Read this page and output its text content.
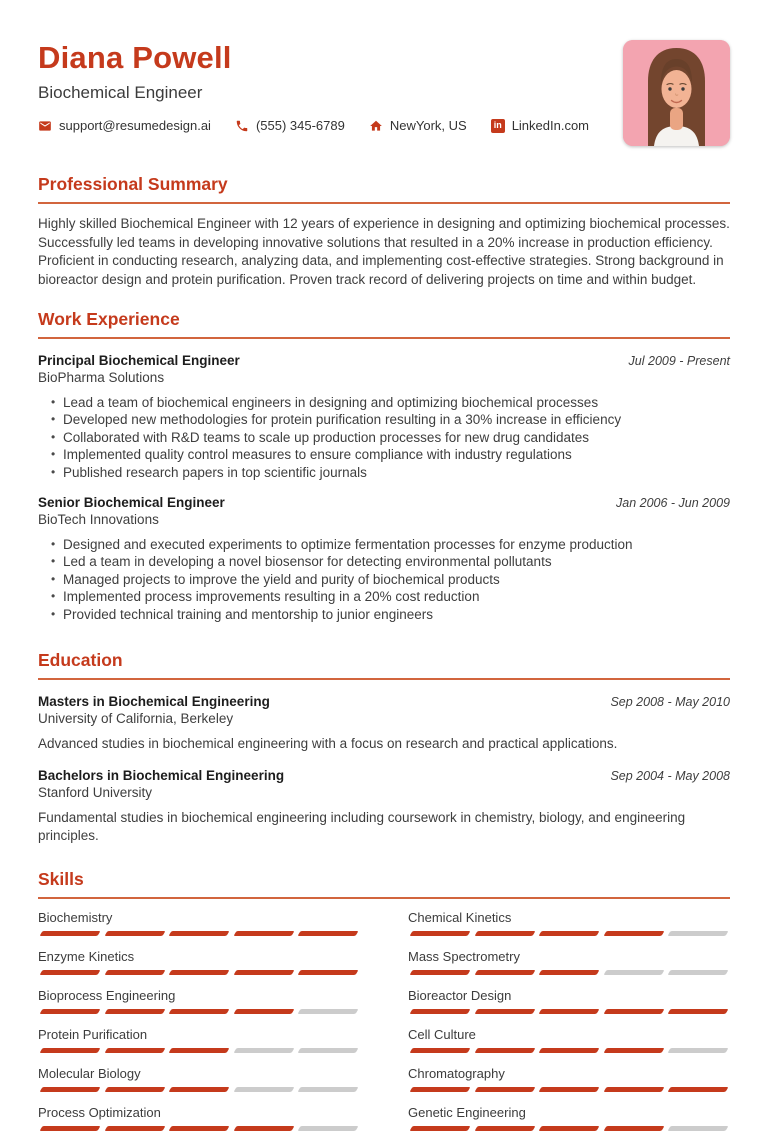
Diana Powell
Biochemical Engineer
support@resumedesign.ai	(555) 345-6789	NewYork, US	in LinkedIn.com
Professional Summary

Highly skilled Biochemical Engineer with 12 years of experience in designing and optimizing biochemical processes. Successfully led teams in developing innovative solutions that resulted in a 20% increase in production efficiency. Proficient in conducting research, analyzing data, and implementing cost-effective strategies. Strong background in bioreactor design and protein purification. Proven track record of delivering projects on time and within budget.

Work Experience
Principal Biochemical Engineer
BioPharma Solutions
Jul 2009 - Present
• Lead a team of biochemical engineers in designing and optimizing biochemical processes
• Developed new methodologies for protein purification resulting in a 30% increase in efficiency
• Collaborated with R&D teams to scale up production processes for new drug candidates
• Implemented quality control measures to ensure compliance with industry regulations
• Published research papers in top scientific journals
Senior Biochemical Engineer
BioTech Innovations
Jan 2006 - Jun 2009
• Designed and executed experiments to optimize fermentation processes for enzyme production
• Led a team in developing a novel biosensor for detecting environmental pollutants
• Managed projects to improve the yield and purity of biochemical products
• Implemented process improvements resulting in a 20% cost reduction
• Provided technical training and mentorship to junior engineers
Education
Masters in Biochemical Engineering
University of California, Berkeley
Sep 2008 - May 2010

Advanced studies in biochemical engineering with a focus on research and practical applications.

Bachelors in Biochemical Engineering
Stanford University
Sep 2004 - May 2008

Fundamental studies in biochemical engineering including coursework in chemistry, biology, and engineering principles.

Skills
Biochemistry	Chemical Kinetics
Enzyme Kinetics	Mass Spectrometry
Bioprocess Engineering	Bioreactor Design
Protein Purification	Cell Culture
Molecular Biology	Chromatography
Process Optimization	Genetic Engineering
